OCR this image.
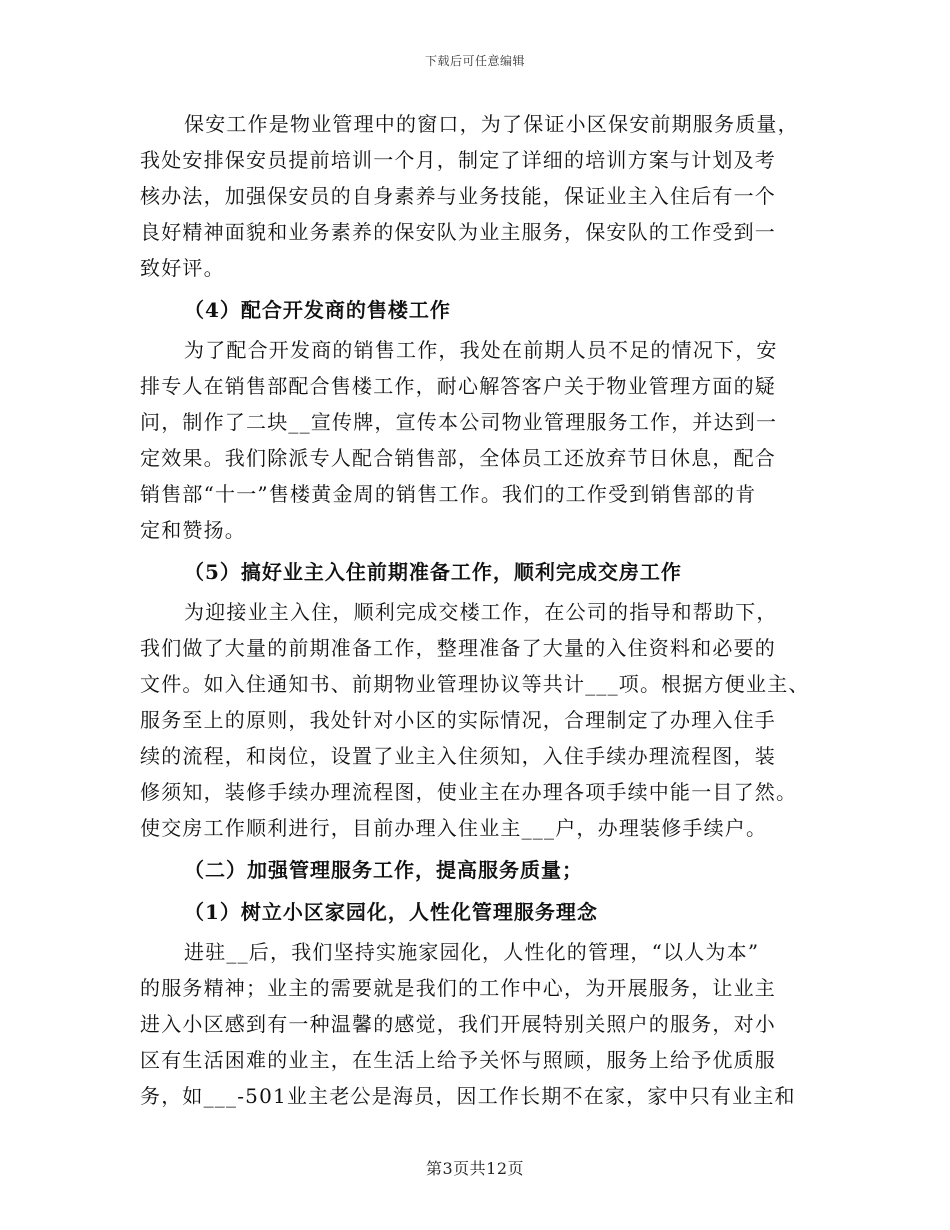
下载后可任意编辑
保安工作是物业管理中的窗口，为了保证小区保安前期服务质量，
我处安排保安员提前培训一个月，制定了详细的培训方案与计划及考
核办法，加强保安员的自身素养与业务技能，保证业主入住后有一个
良好精神面貌和业务素养的保安队为业主服务，保安队的工作受到一
致好评。
（4）配合开发商的售楼工作
为了配合开发商的销售工作，我处在前期人员不足的情况下，安
排专人在销售部配合售楼工作，耐心解答客户关于物业管理方面的疑
问，制作了二块__宣传牌，宣传本公司物业管理服务工作，并达到一
定效果。我们除派专人配合销售部，全体员工还放弃节日休息，配合
销售部“十一”售楼黄金周的销售工作。我们的工作受到销售部的肯
定和赞扬。
（5）搞好业主入住前期准备工作，顺利完成交房工作
为迎接业主入住，顺利完成交楼工作，在公司的指导和帮助下，
我们做了大量的前期准备工作，整理准备了大量的入住资料和必要的
文件。如入住通知书、前期物业管理协议等共计___项。根据方便业主、
服务至上的原则，我处针对小区的实际情况，合理制定了办理入住手
续的流程，和岗位，设置了业主入住须知，入住手续办理流程图，装
修须知，装修手续办理流程图，使业主在办理各项手续中能一目了然。
使交房工作顺利进行，目前办理入住业主___户，办理装修手续户。
（二）加强管理服务工作，提高服务质量；
（1）树立小区家园化，人性化管理服务理念
进驻__后，我们坚持实施家园化，人性化的管理，“以人为本”
的服务精神；业主的需要就是我们的工作中心，为开展服务，让业主
进入小区感到有一种温馨的感觉，我们开展特别关照户的服务，对小
区有生活困难的业主，在生活上给予关怀与照顾，服务上给予优质服
务，如___-501业主老公是海员，因工作长期不在家，家中只有业主和
第3页共12页
